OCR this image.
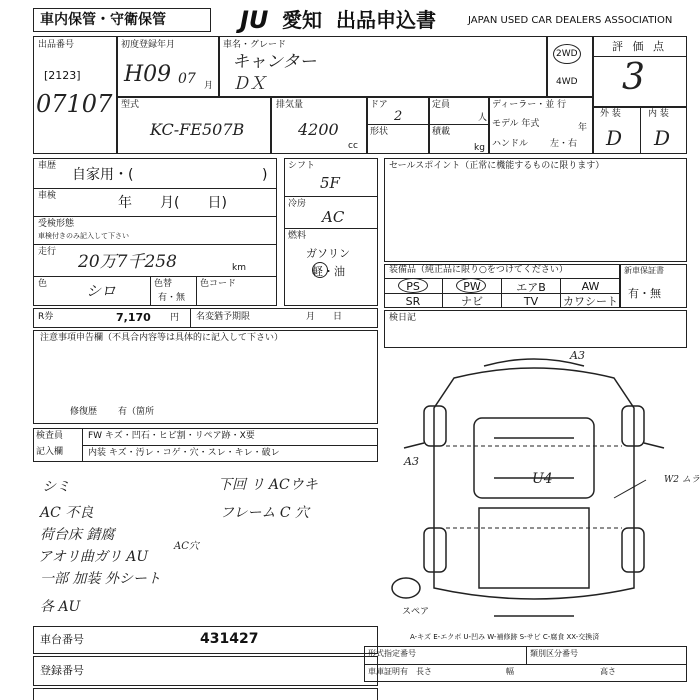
車内保管・守衛保管	JU 愛知 出品申込書	JAPAN USED CAR DEALERS ASSOCIATION
出品番号
[2123]
07107
初度登録年月
H09 07 月
車名・グレード
キャンター
ＤＸ
2WD
4WD
評 価 点
3
外 装	内 装
D D
型式
KC-FE507B
排気量
4200
cc
ドア
2
形状
定員
人
積載
kg
ディーラー・並 行
モデル 年式	年
ハンドル 左・右
車歴
自家用・(	)
車検	年　　月(　　日)
受検形態
車検付きのみ記入して下さい
走行 20万7千258	km
色	シロ	色替
有・無
色コード
シフト
5F
冷房
AC
燃料
ガソリン
軽・油
セールスポイント（正常に機能するものに限ります）
装備品（純正品に限り○をつけてください）
PS	PW	エアB	AW
SR	ナビ	TV カワシート
新車保証書
有・無
検日記
R券	7,170 円 名変猶予期限	月　　日
注意事項申告欄（不具合内容等は具体的に記入して下さい）
修復歴 有（箇所
検査員
記入欄
FW キズ・凹石・ヒビ割・リペア跡・X要
内装 キズ・汚レ・コゲ・穴・スレ・キレ・破レ
シミ
AC 不良
荷台床 錆腐
アオリ曲ガリ AU
一部 加装 外シート
各 AU
下回 リ ACウキ
フレーム C 穴
AC穴
A3
A3
U4	W2 ムラ
スペア
A-キズ E-エクボ U-凹み W-補修跡 S-サビ C-腐食 XX-交換済
車台番号	431427
登録番号
形式指定番号	類別区分番号
車庫証明有　長さ	幅	高さ
